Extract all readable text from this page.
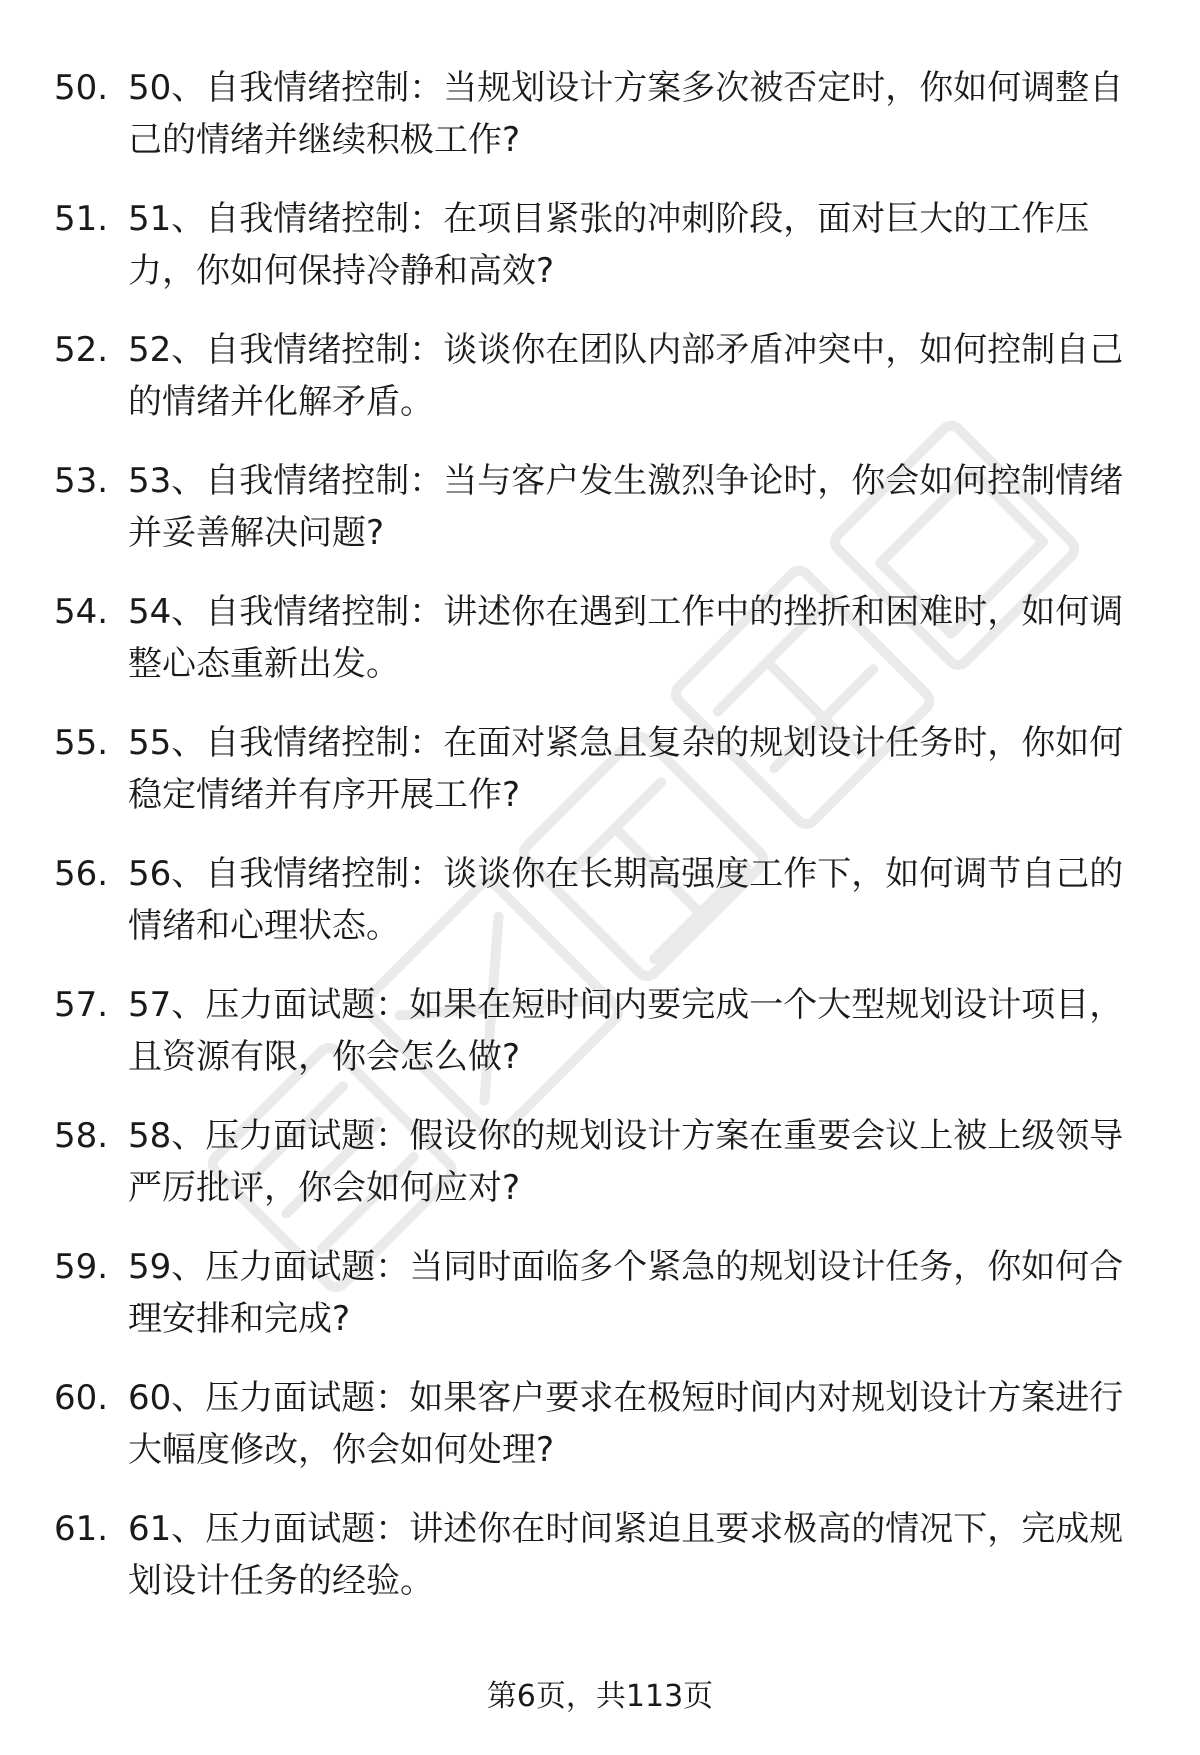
50. 50、自我情绪控制：当规划设计方案多次被否定时，你如何调整自己的情绪并继续积极工作?
51. 51、自我情绪控制：在项目紧张的冲刺阶段，面对巨大的工作压力，你如何保持冷静和高效?
52. 52、自我情绪控制：谈谈你在团队内部矛盾冲突中，如何控制自己的情绪并化解矛盾。
53. 53、自我情绪控制：当与客户发生激烈争论时，你会如何控制情绪并妥善解决问题?
54. 54、自我情绪控制：讲述你在遇到工作中的挫折和困难时，如何调整心态重新出发。
55. 55、自我情绪控制：在面对紧急且复杂的规划设计任务时，你如何稳定情绪并有序开展工作?
56. 56、自我情绪控制：谈谈你在长期高强度工作下，如何调节自己的情绪和心理状态。
57. 57、压力面试题：如果在短时间内要完成一个大型规划设计项目，且资源有限，你会怎么做?
58. 58、压力面试题：假设你的规划设计方案在重要会议上被上级领导严厉批评，你会如何应对?
59. 59、压力面试题：当同时面临多个紧急的规划设计任务，你如何合理安排和完成?
60. 60、压力面试题：如果客户要求在极短时间内对规划设计方案进行大幅度修改，你会如何处理?
61. 61、压力面试题：讲述你在时间紧迫且要求极高的情况下，完成规划设计任务的经验。
第6页，共113页
